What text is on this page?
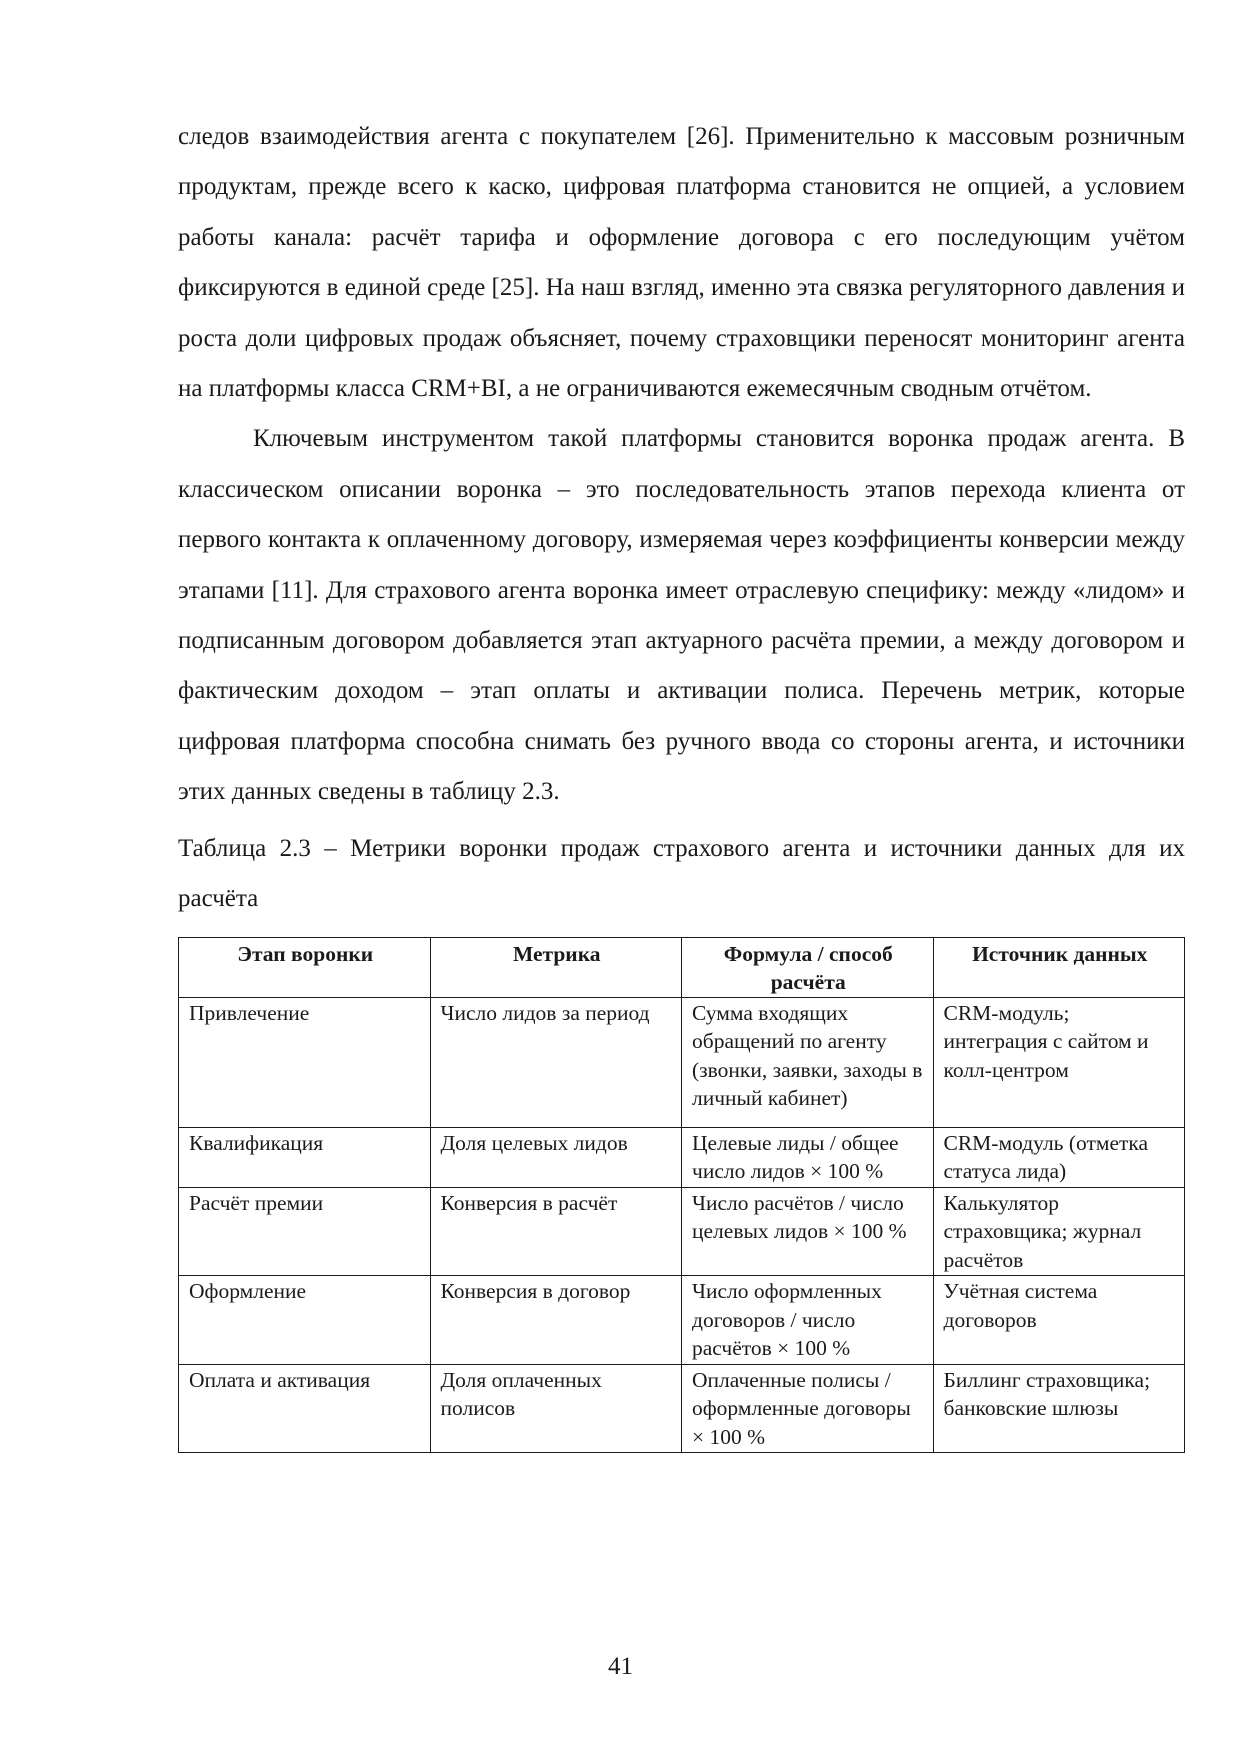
следов взаимодействия агента с покупателем [26]. Применительно к массовым розничным продуктам, прежде всего к каско, цифровая платформа становится не опцией, а условием работы канала: расчёт тарифа и оформление договора с его последующим учётом фиксируются в единой среде [25]. На наш взгляд, именно эта связка регуляторного давления и роста доли цифровых продаж объясняет, почему страховщики переносят мониторинг агента на платформы класса CRM+BI, а не ограничиваются ежемесячным сводным отчётом.

Ключевым инструментом такой платформы становится воронка продаж агента. В классическом описании воронка – это последовательность этапов перехода клиента от первого контакта к оплаченному договору, измеряемая через коэффициенты конверсии между этапами [11]. Для страхового агента воронка имеет отраслевую специфику: между «лидом» и подписанным договором добавляется этап актуарного расчёта премии, а между договором и фактическим доходом – этап оплаты и активации полиса. Перечень метрик, которые цифровая платформа способна снимать без ручного ввода со стороны агента, и источники этих данных сведены в таблицу 2.3.

Таблица 2.3 – Метрики воронки продаж страхового агента и источники данных для их расчёта

Этап воронки	Метрика	Формула / способ расчёта	Источник данных
Привлечение	Число лидов за период	Сумма входящих обращений по агенту (звонки, заявки, заходы в личный кабинет)	CRM-модуль; интеграция с сайтом и колл-центром
Квалификация	Доля целевых лидов	Целевые лиды / общее число лидов × 100 %	CRM-модуль (отметка статуса лида)
Расчёт премии	Конверсия в расчёт	Число расчётов / число целевых лидов × 100 %	Калькулятор страховщика; журнал расчётов
Оформление	Конверсия в договор	Число оформленных договоров / число расчётов × 100 %	Учётная система договоров
Оплата и активация	Доля оплаченных полисов	Оплаченные полисы / оформленные договоры × 100 %	Биллинг страховщика; банковские шлюзы
41
